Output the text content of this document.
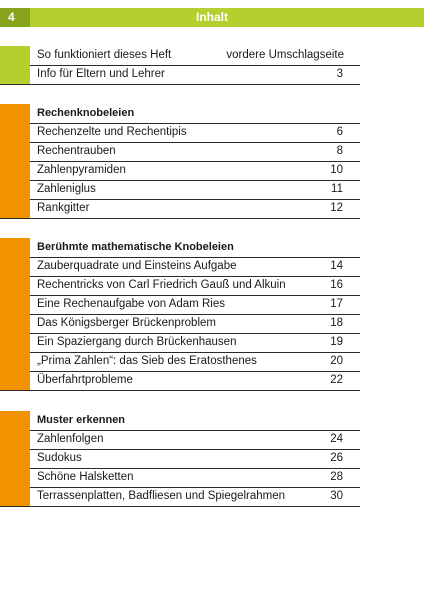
4	Inhalt
So funktioniert dieses Heft	vordere Umschlagseite
Info für Eltern und Lehrer	3
Rechenknobeleien
Rechenzelte und Rechentipis	6
Rechentrauben	8
Zahlenpyramiden	10
Zahleniglus	11
Rankgitter	12
Berühmte mathematische Knobeleien
Zauberquadrate und Einsteins Aufgabe	14
Rechentricks von Carl Friedrich Gauß und Alkuin	16
Eine Rechenaufgabe von Adam Ries	17
Das Königsberger Brückenproblem	18
Ein Spaziergang durch Brückenhausen	19
„Prima Zahlen“: das Sieb des Eratosthenes	20
Überfahrtprobleme	22
Muster erkennen
Zahlenfolgen	24
Sudokus	26
Schöne Halsketten	28
Terrassenplatten, Badfliesen und Spiegelrahmen	30
